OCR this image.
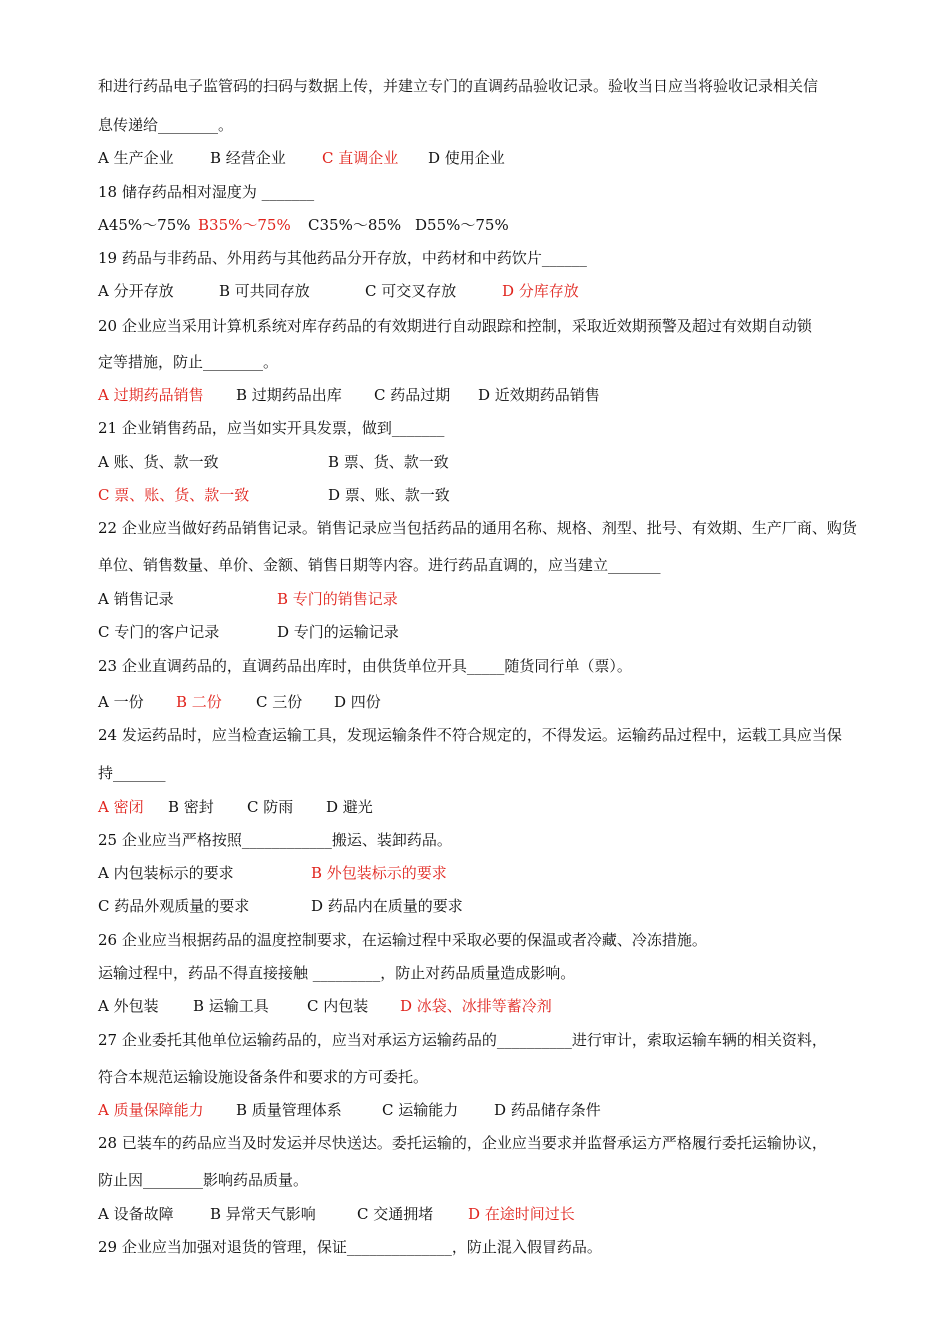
和进行药品电子监管码的扫码与数据上传，并建立专门的直调药品验收记录。验收当日应当将验收记录相关信
息传递给________。
A 生产企业 B 经营企业 C 直调企业 D 使用企业
18 储存药品相对湿度为 _______
A45%～75% B35%～75% C35%～85% D55%～75%
19 药品与非药品、外用药与其他药品分开存放，中药材和中药饮片______
A 分开存放	B 可共同存放	C 可交叉存放	D 分库存放
20 企业应当采用计算机系统对库存药品的有效期进行自动跟踪和控制，采取近效期预警及超过有效期自动锁
定等措施，防止________。
A 过期药品销售 B 过期药品出库 C 药品过期 D 近效期药品销售
21 企业销售药品，应当如实开具发票，做到_______
A 账、货、款一致	B 票、货、款一致
C 票、账、货、款一致	D 票、账、款一致
22 企业应当做好药品销售记录。销售记录应当包括药品的通用名称、规格、剂型、批号、有效期、生产厂商、购货
单位、销售数量、单价、金额、销售日期等内容。进行药品直调的，应当建立_______
A 销售记录	B 专门的销售记录
C 专门的客户记录	D 专门的运输记录
23 企业直调药品的，直调药品出库时，由供货单位开具_____随货同行单（票）。
A 一份 B 二份 C 三份 D 四份
24 发运药品时，应当检查运输工具，发现运输条件不符合规定的，不得发运。运输药品过程中，运载工具应当保
持_______
A 密闭 B 密封 C 防雨 D 避光
25 企业应当严格按照____________搬运、装卸药品。
A 内包装标示的要求	B 外包装标示的要求
C 药品外观质量的要求	D 药品内在质量的要求
26 企业应当根据药品的温度控制要求，在运输过程中采取必要的保温或者冷藏、冷冻措施。
运输过程中，药品不得直接接触 _________，防止对药品质量造成影响。
A 外包装 B 运输工具	C 内包装 D 冰袋、冰排等蓄冷剂
27 企业委托其他单位运输药品的，应当对承运方运输药品的__________进行审计，索取运输车辆的相关资料，
符合本规范运输设施设备条件和要求的方可委托。
A 质量保障能力 B 质量管理体系	C 运输能力 D 药品储存条件
28 已装车的药品应当及时发运并尽快送达。委托运输的，企业应当要求并监督承运方严格履行委托运输协议，
防止因________影响药品质量。
A 设备故障 B 异常天气影响	C 交通拥堵 D 在途时间过长
29 企业应当加强对退货的管理，保证______________，防止混入假冒药品。
